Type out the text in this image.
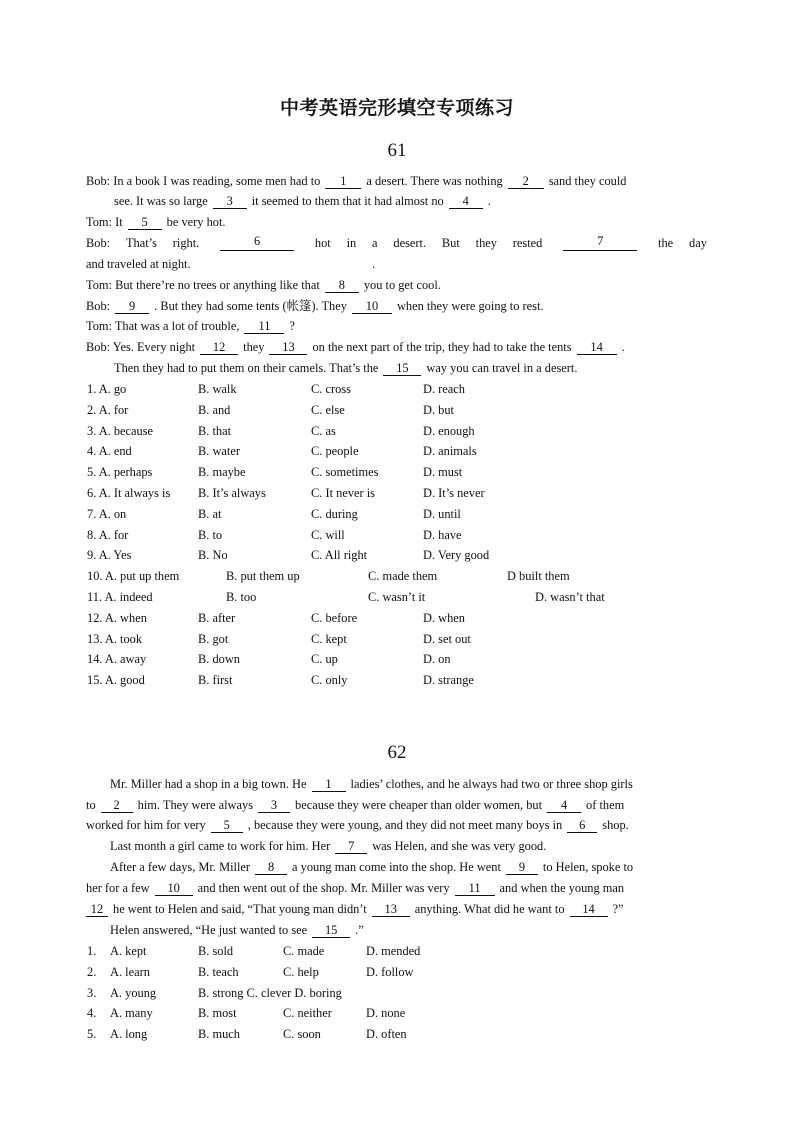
中考英语完形填空专项练习
61
Bob: In a book I was reading, some men had to 1 a desert. There was nothing 2 sand they could
see. It was so large 3 it seemed to them that it had almost no 4 .
Tom: It 5 be very hot.
Bob: That’s right.	6	hot in a desert. But they rested	7	the day
and traveled at night.	.
Tom: But there’re no trees or anything like that 8 you to get cool.
Bob: 9 . But they had some tents (帐篷). They 10 when they were going to rest.
Tom: That was a lot of trouble, 11 ?
Bob: Yes. Every night 12 they 13 on the next part of the trip, they had to take the tents 14 .
Then they had to put them on their camels. That’s the 15 way you can travel in a desert.
1. A. go	B. walk	C. cross	D. reach
2. A. for	B. and	C. else	D. but
3. A. because	B. that	C. as	D. enough
4. A. end	B. water	C. people	D. animals
5. A. perhaps	B. maybe	C. sometimes	D. must
6. A. It always is B. It’s always	C. It never is	D. It’s never
7. A. on	B. at	C. during	D. until
8. A. for	B. to	C. will	D. have
9. A. Yes	B. No	C. All right	D. Very good
10. A. put up them	B. put them up	C. made them	D built them
11. A. indeed	B. too	C. wasn’t it	D. wasn’t that
12. A. when	B. after	C. before	D. when
13. A. took	B. got	C. kept	D. set out
14. A. away	B. down	C. up	D. on
15. A. good	B. first	C. only	D. strange
62
Mr. Miller had a shop in a big town. He 1 ladies’ clothes, and he always had two or three shop girls
to 2 him. They were always 3 because they were cheaper than older women, but 4 of them
worked for him for very 5 , because they were young, and they did not meet many boys in 6 shop.
Last month a girl came to work for him. Her 7 was Helen, and she was very good.
After a few days, Mr. Miller 8 a young man come into the shop. He went 9 to Helen, spoke to
her for a few 10 and then went out of the shop. Mr. Miller was very 11 and when the young man
12 he went to Helen and said, “That young man didn’t 13 anything. What did he want to 14 ?”
Helen answered, “He just wanted to see 15 .”
1. A. kept	B. sold	C. made	D. mended
2. A. learn	B. teach	C. help	D. follow
3. A. young	B. strong C. clever D. boring
4. A. many	B. most	C. neither	D. none
5. A. long	B. much	C. soon	D. often
